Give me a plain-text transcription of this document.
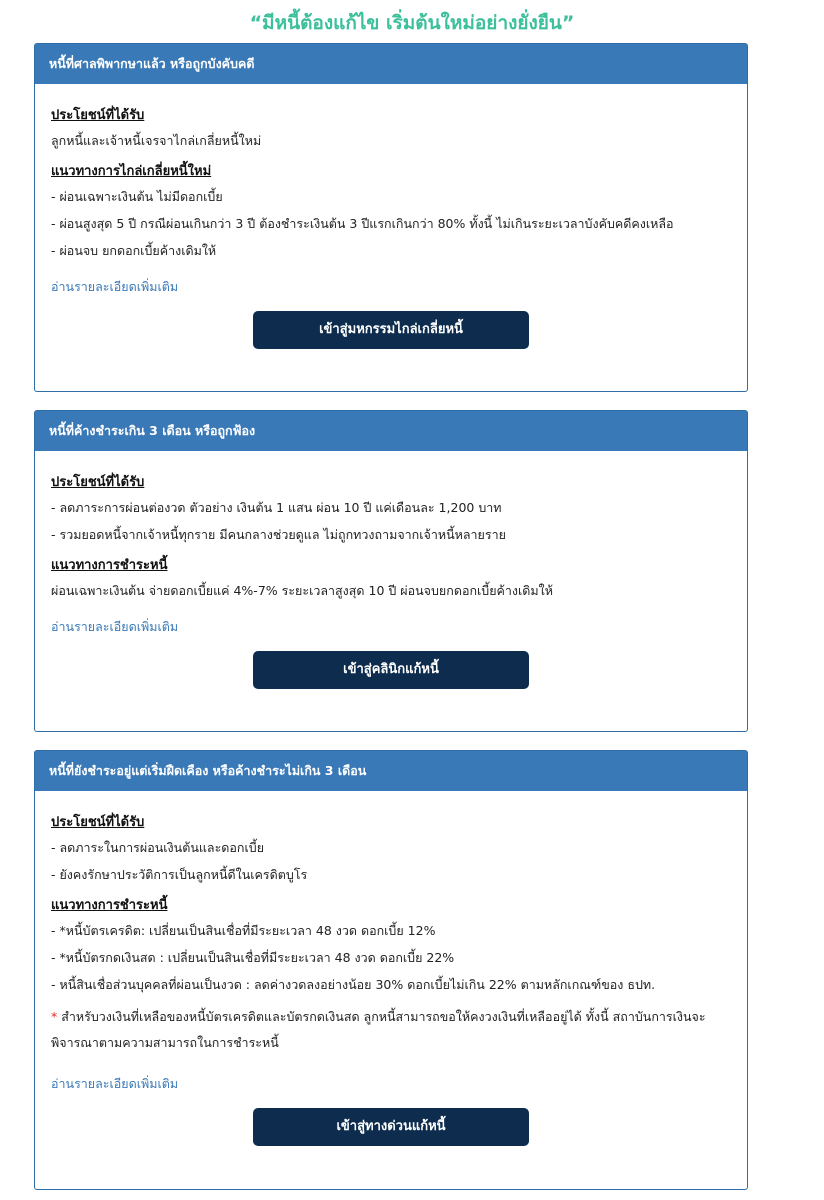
“มีหนี้ต้องแก้ไข เริ่มต้นใหม่อย่างยั่งยืน”
หนี้ที่ศาลพิพากษาแล้ว หรือถูกบังคับคดี
ประโยชน์ที่ได้รับ
ลูกหนี้และเจ้าหนี้เจรจาไกล่เกลี่ยหนี้ใหม่
แนวทางการไกล่เกลี่ยหนี้ใหม่
- ผ่อนเฉพาะเงินต้น ไม่มีดอกเบี้ย
- ผ่อนสูงสุด 5 ปี กรณีผ่อนเกินกว่า 3 ปี ต้องชำระเงินต้น 3 ปีแรกเกินกว่า 80% ทั้งนี้ ไม่เกินระยะเวลาบังคับคดีคงเหลือ
- ผ่อนจบ ยกดอกเบี้ยค้างเดิมให้
อ่านรายละเอียดเพิ่มเติม
เข้าสู่มหกรรมไกล่เกลี่ยหนี้
หนี้ที่ค้างชำระเกิน 3 เดือน หรือถูกฟ้อง
ประโยชน์ที่ได้รับ
- ลดภาระการผ่อนต่องวด ตัวอย่าง เงินต้น 1 แสน ผ่อน 10 ปี แค่เดือนละ 1,200 บาท
- รวมยอดหนี้จากเจ้าหนี้ทุกราย มีคนกลางช่วยดูแล ไม่ถูกทวงถามจากเจ้าหนี้หลายราย
แนวทางการชำระหนี้
ผ่อนเฉพาะเงินต้น จ่ายดอกเบี้ยแค่ 4%-7% ระยะเวลาสูงสุด 10 ปี ผ่อนจบยกดอกเบี้ยค้างเดิมให้
อ่านรายละเอียดเพิ่มเติม
เข้าสู่คลินิกแก้หนี้
หนี้ที่ยังชำระอยู่แต่เริ่มฝืดเคือง หรือค้างชำระไม่เกิน 3 เดือน
ประโยชน์ที่ได้รับ
- ลดภาระในการผ่อนเงินต้นและดอกเบี้ย
- ยังคงรักษาประวัติการเป็นลูกหนี้ดีในเครดิตบูโร
แนวทางการชำระหนี้
- *หนี้บัตรเครดิต: เปลี่ยนเป็นสินเชื่อที่มีระยะเวลา 48 งวด ดอกเบี้ย 12%
- *หนี้บัตรกดเงินสด : เปลี่ยนเป็นสินเชื่อที่มีระยะเวลา 48 งวด ดอกเบี้ย 22%
- หนี้สินเชื่อส่วนบุคคลที่ผ่อนเป็นงวด : ลดค่างวดลงอย่างน้อย 30% ดอกเบี้ยไม่เกิน 22% ตามหลักเกณฑ์ของ ธปท.
* สำหรับวงเงินที่เหลือของหนี้บัตรเครดิตและบัตรกดเงินสด ลูกหนี้สามารถขอให้คงวงเงินที่เหลืออยู่ได้ ทั้งนี้ สถาบันการเงินจะพิจารณาตามความสามารถในการชำระหนี้
อ่านรายละเอียดเพิ่มเติม
เข้าสู่ทางด่วนแก้หนี้
